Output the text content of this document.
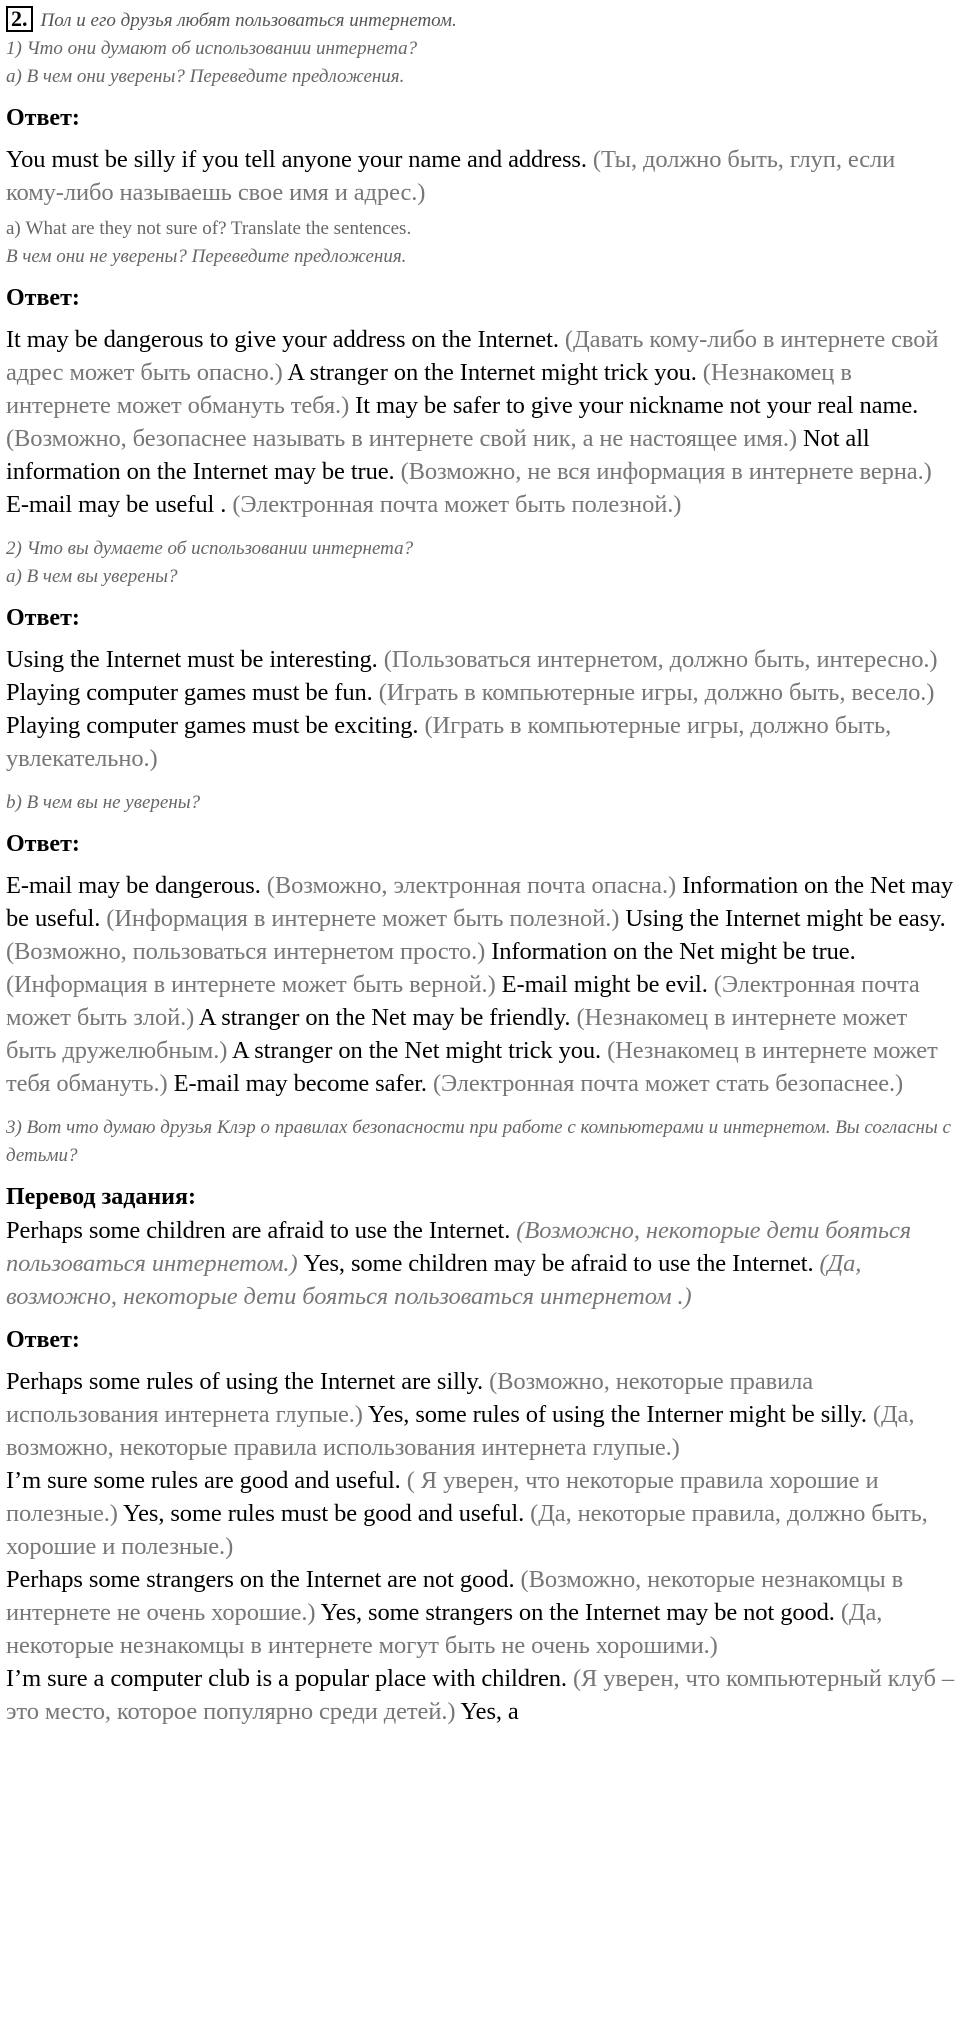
2. Пол и его друзья любят пользоваться интернетом.
1) Что они думают об использовании интернета?
а) В чем они уверены? Переведите предложения.
Ответ:
You must be silly if you tell anyone your name and address. (Ты, должно быть, глуп, если кому-либо называешь свое имя и адрес.)
а) What are they not sure of? Translate the sentences.
В чем они не уверены? Переведите предложения.
Ответ:
It may be dangerous to give your address on the Internet. (Давать кому-либо в интернете свой адрес может быть опасно.) A stranger on the Internet might trick you. (Незнакомец в интернете может обмануть тебя.) It may be safer to give your nickname not your real name. (Возможно, безопаснее называть в интернете свой ник, а не настоящее имя.) Not all information on the Internet may be true. (Возможно, не вся информация в интернете верна.) E-mail may be useful . (Электронная почта может быть полезной.)
2) Что вы думаете об использовании интернета?
а) В чем вы уверены?
Ответ:
Using the Internet must be interesting. (Пользоваться интернетом, должно быть, интересно.) Playing computer games must be fun. (Играть в компьютерные игры, должно быть, весело.) Playing computer games must be exciting. (Играть в компьютерные игры, должно быть, увлекательно.)
b) В чем вы не уверены?
Ответ:
E-mail may be dangerous. (Возможно, электронная почта опасна.) Information on the Net may be useful. (Информация в интернете может быть полезной.) Using the Internet might be easy. (Возможно, пользоваться интернетом просто.) Information on the Net might be true. (Информация в интернете может быть верной.) E-mail might be evil. (Электронная почта может быть злой.) A stranger on the Net may be friendly. (Незнакомец в интернете может быть дружелюбным.) A stranger on the Net might trick you. (Незнакомец в интернете может тебя обмануть.) E-mail may become safer. (Электронная почта может стать безопаснее.)
3) Вот что думаю друзья Клэр о правилах безопасности при работе с компьютерами и интернетом. Вы согласны с детьми?
Перевод задания:
Perhaps some children are afraid to use the Internet. (Возможно, некоторые дети бояться пользоваться интернетом.) Yes, some children may be afraid to use the Internet. (Да, возможно, некоторые дети бояться пользоваться интернетом .)
Ответ:
Perhaps some rules of using the Internet are silly. (Возможно, некоторые правила использования интернета глупые.) Yes, some rules of using the Interner might be silly. (Да, возможно, некоторые правила использования интернета глупые.)
I’m sure some rules are good and useful. ( Я уверен, что некоторые правила хорошие и полезные.) Yes, some rules must be good and useful. (Да, некоторые правила, должно быть, хорошие и полезные.)
Perhaps some strangers on the Internet are not good. (Возможно, некоторые незнакомцы в интернете не очень хорошие.) Yes, some strangers on the Internet may be not good. (Да, некоторые незнакомцы в интернете могут быть не очень хорошими.)
I’m sure a computer club is a popular place with children. (Я уверен, что компьютерный клуб – это место, которое популярно среди детей.) Yes, a
